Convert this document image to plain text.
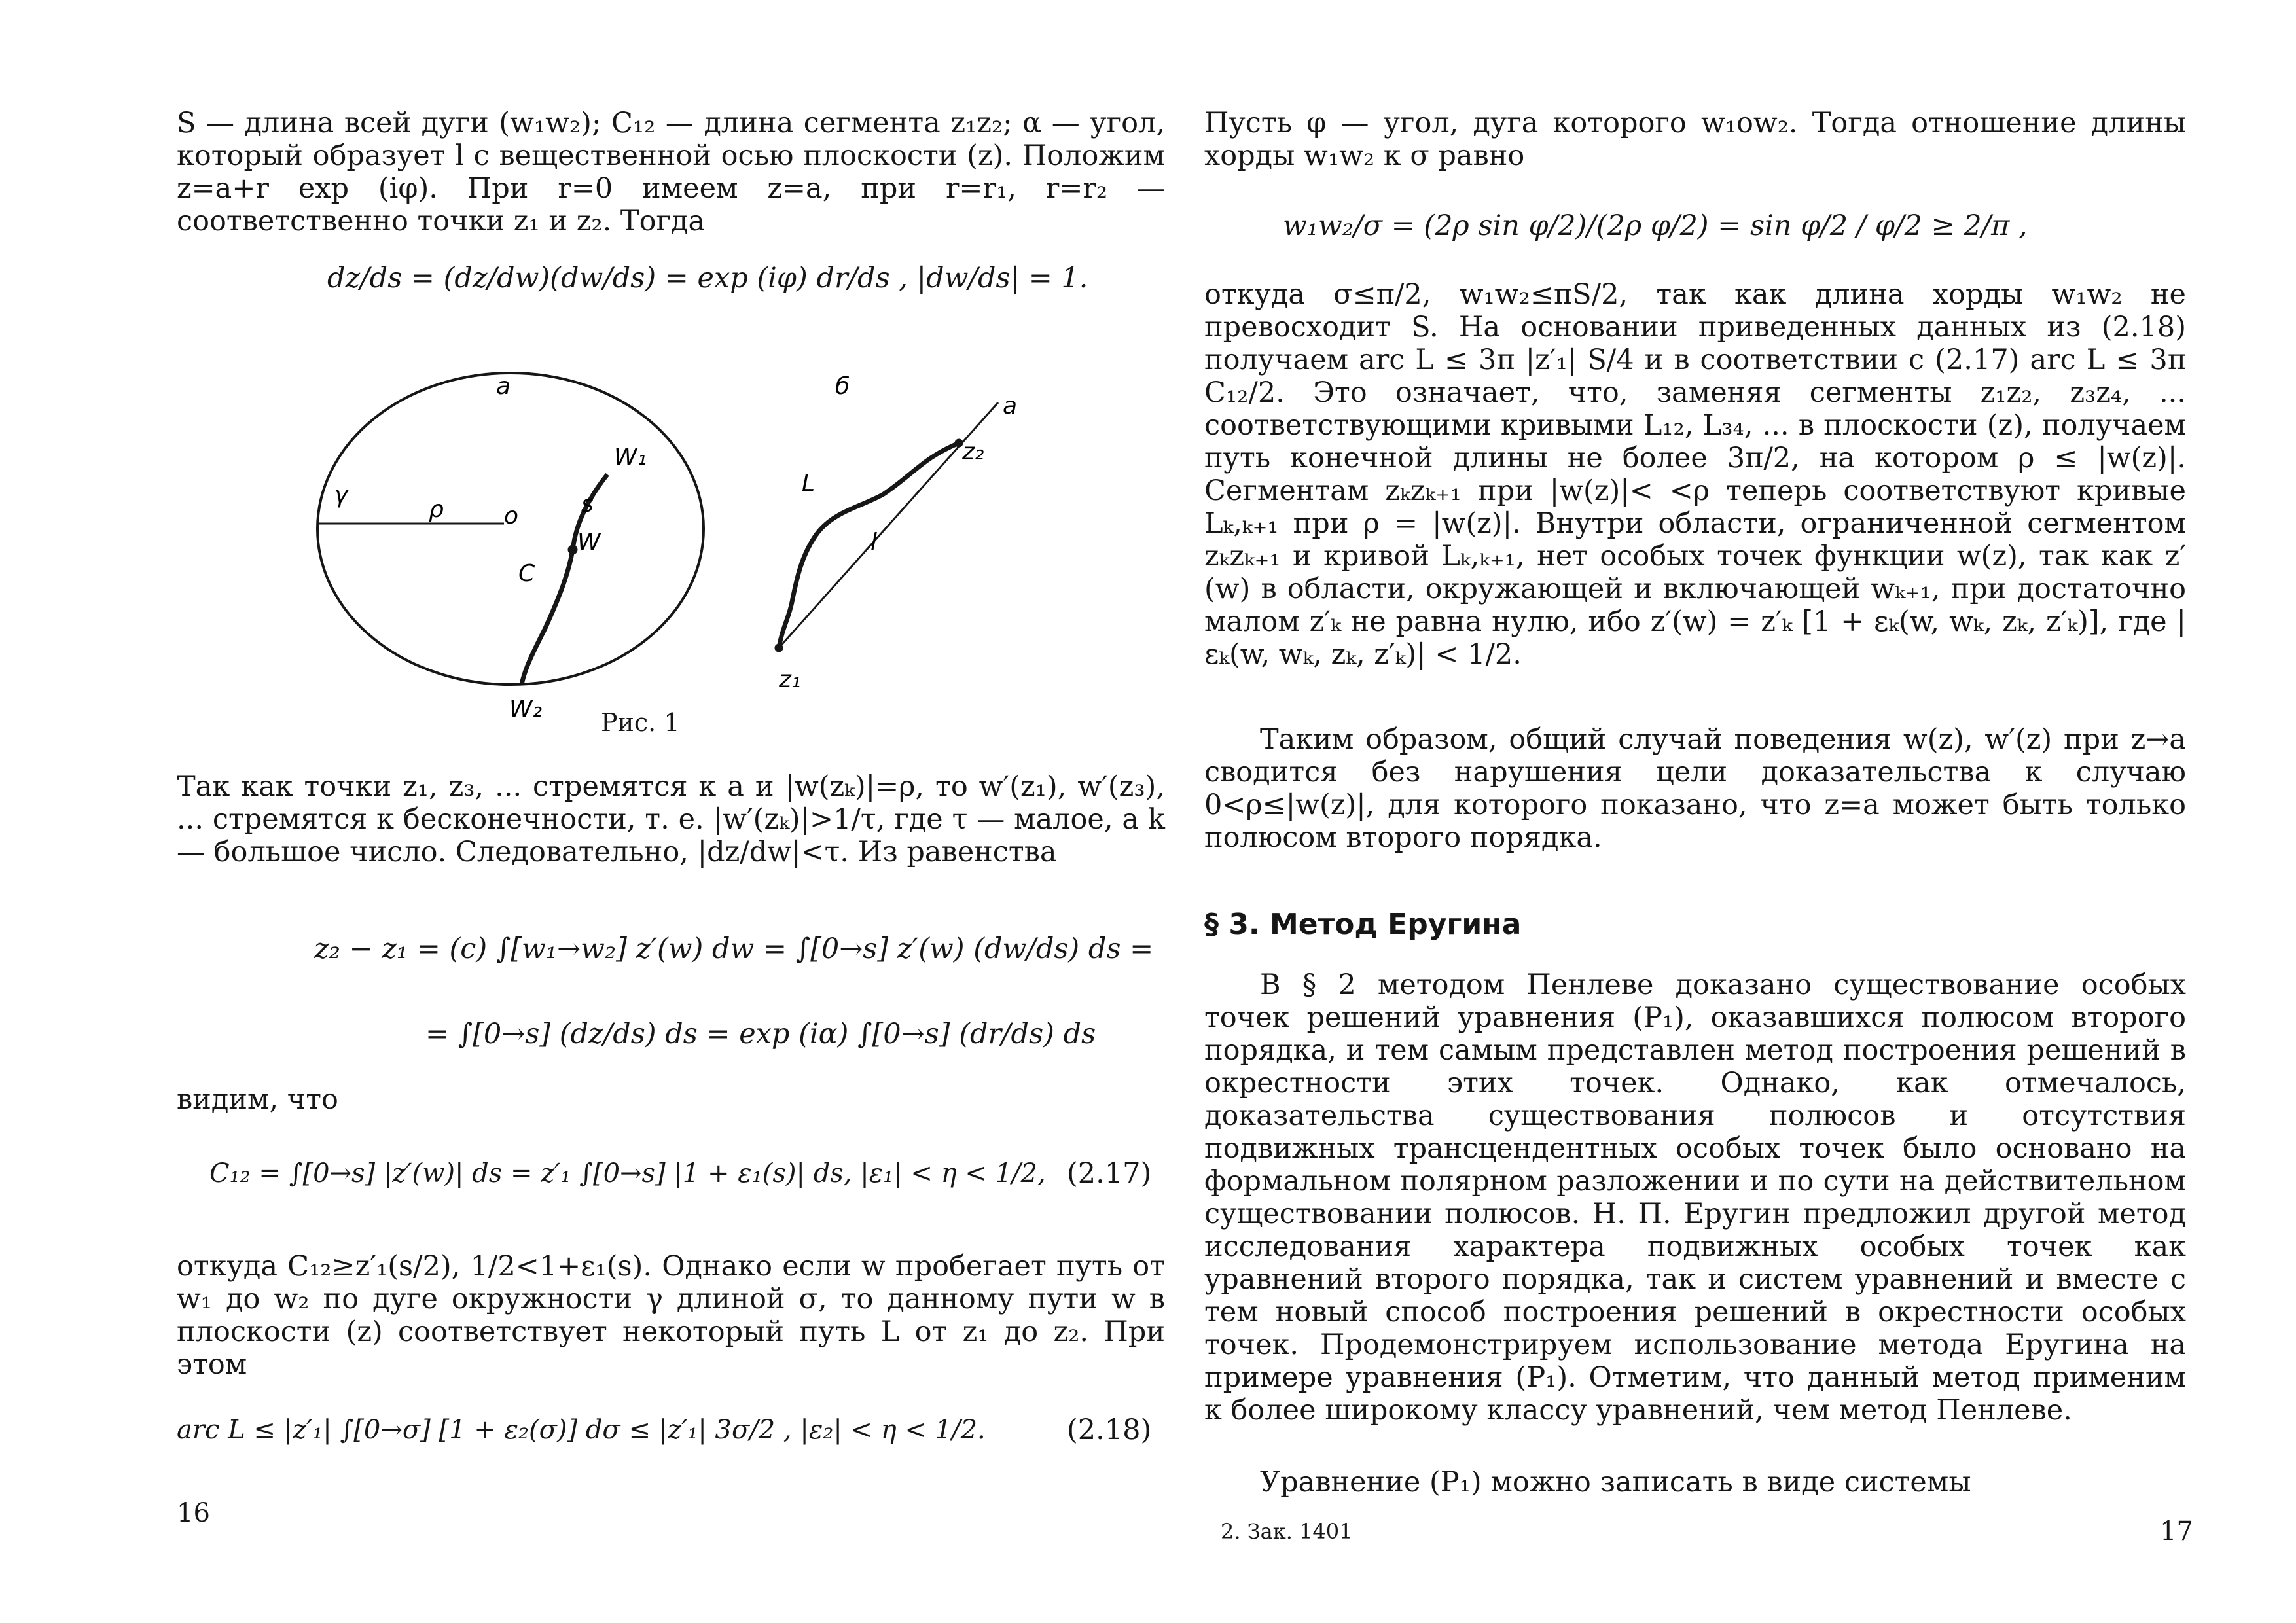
S — длина всей дуги (w₁w₂); C₁₂ — длина сегмента z₁z₂; α — угол, который образует l с вещественной осью плоскости (z). Положим z=a+r exp (iφ). При r=0 имеем z=a, при r=r₁, r=r₂ — соответственно точки z₁ и z₂. Тогда

dz/ds = (dz/dw)(dw/ds) = exp (iφ) dr/ds , |dw/ds| = 1.
а
γ
ρ	o
W₁
s
W
C
W₂
б
a
z₂
L
l
z₁
Рис. 1

Так как точки z₁, z₃, ... стремятся к a и |w(zₖ)|=ρ, то w′(z₁), w′(z₃), ... стремятся к бесконечности, т. е. |w′(zₖ)|>1/τ, где τ — малое, а k — большое число. Следовательно, |dz/dw|<τ. Из равенства

z₂ − z₁ = (c) ∫[w₁→w₂] z′(w) dw = ∫[0→s] z′(w) (dw/ds) ds =
= ∫[0→s] (dz/ds) ds = exp (iα) ∫[0→s] (dr/ds) ds

видим, что

C₁₂ = ∫[0→s] |z′(w)| ds = z′₁ ∫[0→s] |1 + ε₁(s)| ds, |ε₁| < η < 1/2, (2.17)

откуда C₁₂≥z′₁(s/2), 1/2<1+ε₁(s). Однако если w пробегает путь от w₁ до w₂ по дуге окружности γ длиной σ, то данному пути w в плоскости (z) соответствует некоторый путь L от z₁ до z₂. При этом

arc L ≤ |z′₁| ∫[0→σ] [1 + ε₂(σ)] dσ ≤ |z′₁| 3σ/2 , |ε₂| < η < 1/2.	(2.18)
16

Пусть φ — угол, дуга которого w₁ow₂. Тогда отношение длины хорды w₁w₂ к σ равно

w₁w₂/σ = (2ρ sin φ/2)/(2ρ φ/2) = sin φ/2 / φ/2 ≥ 2/π ,

откуда σ≤π/2, w₁w₂≤πS/2, так как длина хорды w₁w₂ не превосходит S. На основании приведенных данных из (2.18) получаем arc L ≤ 3π |z′₁| S/4 и в соответствии с (2.17) arc L ≤ 3π C₁₂/2. Это означает, что, заменяя сегменты z₁z₂, z₃z₄, ... соответствующими кривыми L₁₂, L₃₄, ... в плоскости (z), получаем путь конечной длины не более 3π/2, на котором ρ ≤ |w(z)|. Сегментам zₖzₖ₊₁ при |w(z)|< <ρ теперь соответствуют кривые Lₖ,ₖ₊₁ при ρ = |w(z)|. Внутри области, ограниченной сегментом zₖzₖ₊₁ и кривой Lₖ,ₖ₊₁, нет особых точек функции w(z), так как z′(w) в области, окружающей и включающей wₖ₊₁, при достаточно малом z′ₖ не равна нулю, ибо z′(w) = z′ₖ [1 + εₖ(w, wₖ, zₖ, z′ₖ)], где |εₖ(w, wₖ, zₖ, z′ₖ)| < 1/2.

Таким образом, общий случай поведения w(z), w′(z) при z→a сводится без нарушения цели доказательства к случаю 0<ρ≤|w(z)|, для которого показано, что z=a может быть только полюсом второго порядка.

§ 3. Метод Еругина

В § 2 методом Пенлеве доказано существование особых точек решений уравнения (P₁), оказавшихся полюсом второго порядка, и тем самым представлен метод построения решений в окрестности этих точек. Однако, как отмечалось, доказательства существования полюсов и отсутствия подвижных трансцендентных особых точек было основано на формальном полярном разложении и по сути на действительном существовании полюсов. Н. П. Еругин предложил другой метод исследования характера подвижных особых точек как уравнений второго порядка, так и систем уравнений и вместе с тем новый способ построения решений в окрестности особых точек. Продемонстрируем использование метода Еругина на примере уравнения (P₁). Отметим, что данный метод применим к более широкому классу уравнений, чем метод Пенлеве.

Уравнение (P₁) можно записать в виде системы

2. Зак. 1401	17
